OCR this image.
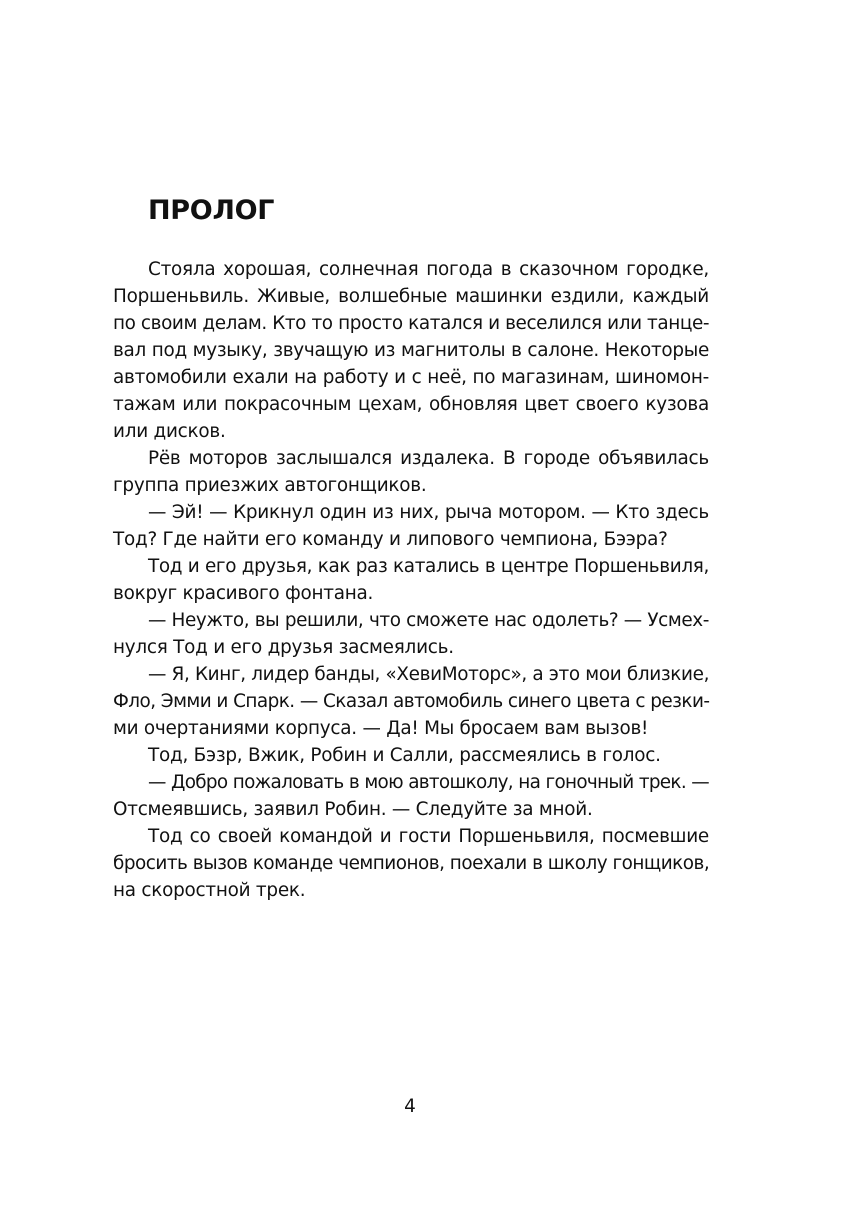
ПРОЛОГ
Стояла хорошая, солнечная погода в сказочном городке,
Поршеньвиль. Живые, волшебные машинки ездили, каждый
по своим делам. Кто то просто катался и веселился или танце-
вал под музыку, звучащую из магнитолы в салоне. Некоторые
автомобили ехали на работу и с неё, по магазинам, шиномон-
тажам или покрасочным цехам, обновляя цвет своего кузова
или дисков.
Рёв моторов заслышался издалека. В городе объявилась
группа приезжих автогонщиков.
— Эй! — Крикнул один из них, рыча мотором. — Кто здесь
Тод? Где найти его команду и липового чемпиона, Бээра?
Тод и его друзья, как раз катались в центре Поршеньвиля,
вокруг красивого фонтана.
— Неужто, вы решили, что сможете нас одолеть? — Усмех-
нулся Тод и его друзья засмеялись.
— Я, Кинг, лидер банды, «ХевиМоторс», а это мои близкие,
Фло, Эмми и Спарк. — Сказал автомобиль синего цвета с резки-
ми очертаниями корпуса. — Да! Мы бросаем вам вызов!
Тод, Бэзр, Вжик, Робин и Салли, рассмеялись в голос.
— Добро пожаловать в мою автошколу, на гоночный трек. —
Отсмеявшись, заявил Робин. — Следуйте за мной.
Тод со своей командой и гости Поршеньвиля, посмевшие
бросить вызов команде чемпионов, поехали в школу гонщиков,
на скоростной трек.
4
